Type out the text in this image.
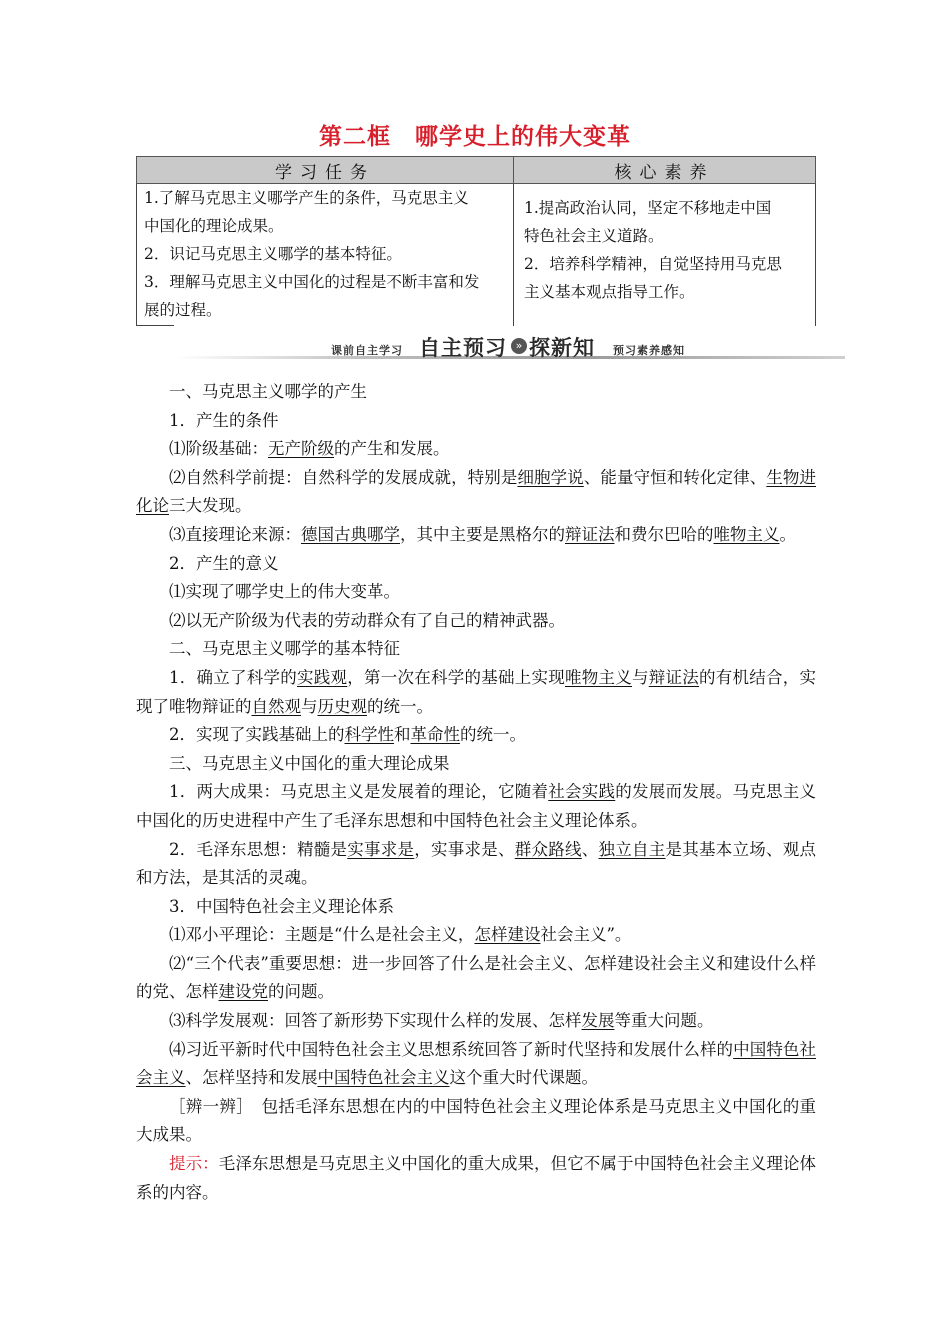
第二框　哪学史上的伟大变革
学习任务	核心素养
1.了解马克思主义哪学产生的条件，马克思主义
中国化的理论成果。
2．识记马克思主义哪学的基本特征。
3．理解马克思主义中国化的过程是不断丰富和发
展的过程。
1.提高政治认同，坚定不移地走中国
特色社会主义道路。
2．培养科学精神，自觉坚持用马克思
主义基本观点指导工作。
课前自主学习 自主预习 » 探新知 预习素养感知

一、马克思主义哪学的产生

1．产生的条件

⑴阶级基础：无产阶级的产生和发展。

⑵自然科学前提：自然科学的发展成就，特别是细胞学说、能量守恒和转化定律、生物进化论三大发现。

⑶直接理论来源：德国古典哪学，其中主要是黑格尔的辩证法和费尔巴哈的唯物主义。

2．产生的意义

⑴实现了哪学史上的伟大变革。

⑵以无产阶级为代表的劳动群众有了自己的精神武器。

二、马克思主义哪学的基本特征

1．确立了科学的实践观，第一次在科学的基础上实现唯物主义与辩证法的有机结合，实现了唯物辩证的自然观与历史观的统一。

2．实现了实践基础上的科学性和革命性的统一。

三、马克思主义中国化的重大理论成果

1．两大成果：马克思主义是发展着的理论，它随着社会实践的发展而发展。马克思主义中国化的历史进程中产生了毛泽东思想和中国特色社会主义理论体系。

2．毛泽东思想：精髓是实事求是，实事求是、群众路线、独立自主是其基本立场、观点和方法，是其活的灵魂。

3．中国特色社会主义理论体系

⑴邓小平理论：主题是“什么是社会主义，怎样建设社会主义”。

⑵“三个代表”重要思想：进一步回答了什么是社会主义、怎样建设社会主义和建设什么样的党、怎样建设党的问题。

⑶科学发展观：回答了新形势下实现什么样的发展、怎样发展等重大问题。

⑷习近平新时代中国特色社会主义思想系统回答了新时代坚持和发展什么样的中国特色社会主义、怎样坚持和发展中国特色社会主义这个重大时代课题。

［辨一辨］　包括毛泽东思想在内的中国特色社会主义理论体系是马克思主义中国化的重大成果。

提示：毛泽东思想是马克思主义中国化的重大成果，但它不属于中国特色社会主义理论体系的内容。
